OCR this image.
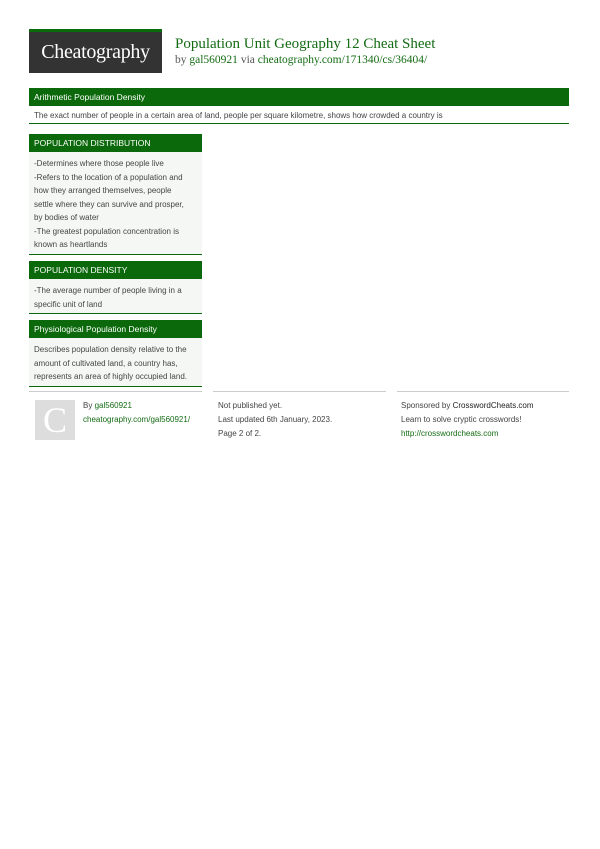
Cheatography Population Unit Geography 12 Cheat Sheet
by gal560921 via cheatography.com/171340/cs/36404/
Arithmetic Population Density
The exact number of people in a certain area of land, people per square kilometre, shows how crowded a country is
POPULATION DISTRIBUTION
-Determines where those people live
-Refers to the location of a population and
how they arranged themselves, people
settle where they can survive and prosper,
by bodies of water
-The greatest population concentration is
known as heartlands
POPULATION DENSITY
-The average number of people living in a
specific unit of land
Physiological Population Density
Describes population density relative to the
amount of cultivated land, a country has,
represents an area of highly occupied land.
C	By gal560921
cheatography.com/gal560921/
Not published yet.
Last updated 6th January, 2023.
Page 2 of 2.
Sponsored by CrosswordCheats.com
Learn to solve cryptic crosswords!
http://crosswordcheats.com
